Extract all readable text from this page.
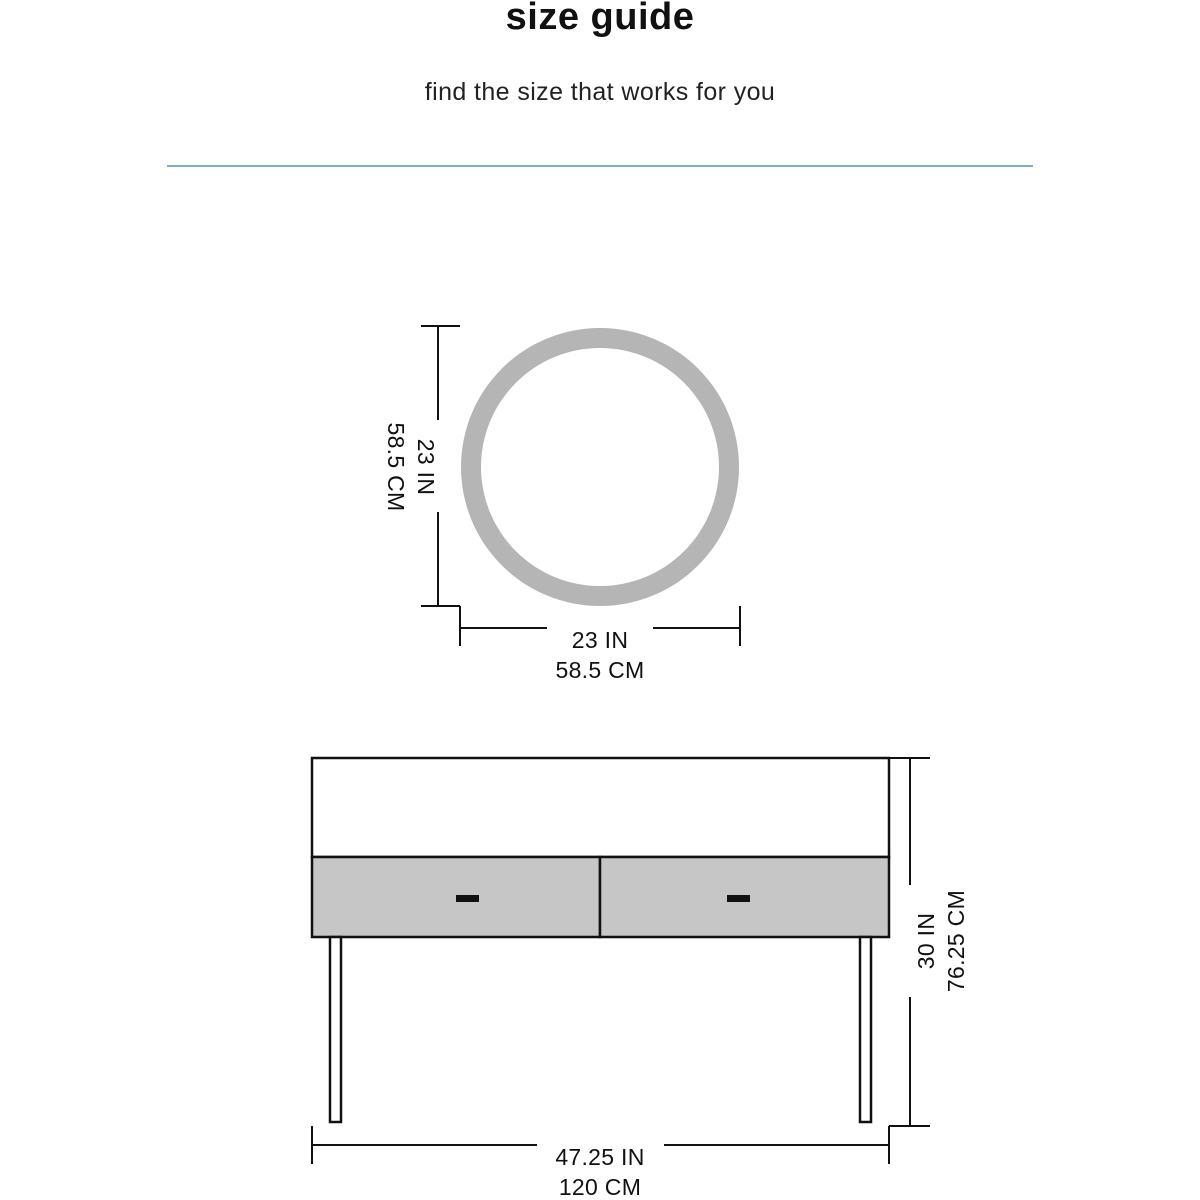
size guide
find the size that works for you
23 IN
58.5 CM
23 IN
58.5 CM
30 IN 76.25 CM
47.25 IN
120 CM
